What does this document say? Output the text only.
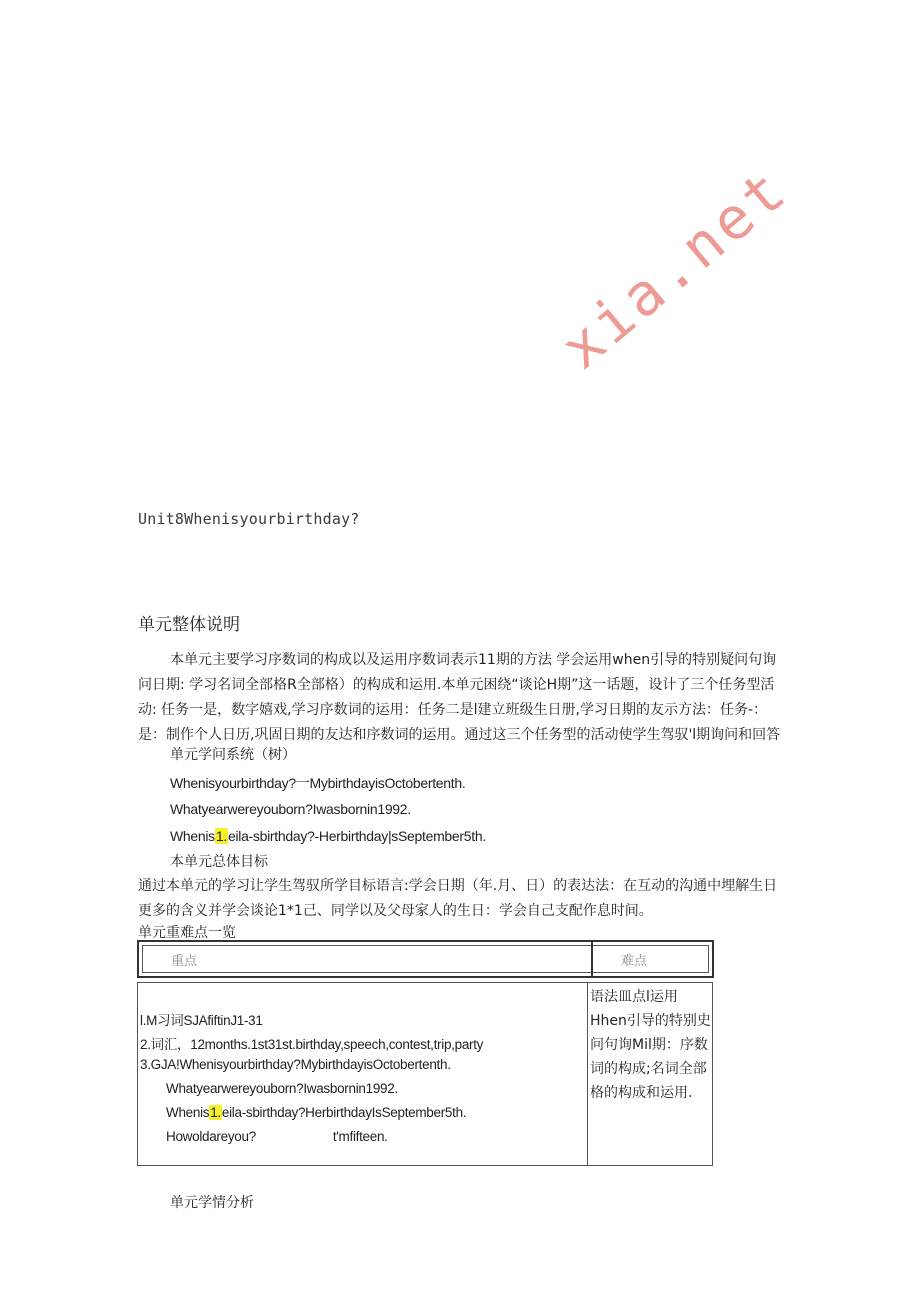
xia.net
Unit8Whenisyourbirthday?
单元整体说明
本单元主要学习序数词的构成以及运用序数词表示11期的方法 学会运用when引导的特别疑问句询问日期: 学习名词全部格R全部格）的构成和运用.本单元困绕“谈论H期”这一话题，设计了三个任务型活动: 任务一是，数字嬉戏,学习序数词的运用：任务二是l建立班级生日册,学习日期的友示方法：任务-：是：制作个人日历,巩固日期的友达和序数词的运用。通过这三个任务型的活动使学生驾驭'l期询问和回答
单元学问系统（树）
Whenisyourbirthday?一MybirthdayisOctobertenth.
Whatyearwereyouborn?Iwasbornin1992.
Whenis1.eila-sbirthday?-Herbirthday|sSeptember5th.
本单元总体目标
通过本单元的学习让学生驾驭所学目标语言:学会日期（年.月、日）的表达法：在互动的沟通中埋解生日更多的含义并学会谈论1*1己、同学以及父母家人的生日：学会自己支配作息时间。
单元重难点一览
重点	难点
l.M习词SJAfiftinJ1-31
2.词汇，12months.1st31st.birthday,speech,contest,trip,party
3.GJA!Whenisyourbirthday?MybirthdayisOctobertenth.
Whatyearwereyouborn?Iwasbornin1992.
Whenis1.eila-sbirthday?HerbirthdayIsSeptember5th.
Howoldareyou?	t'mfifteen.
语法皿点l运用Hhen引导的特别史问句询Mil期：序数词的构成;名词全部格的构成和运用.
单元学情分析
